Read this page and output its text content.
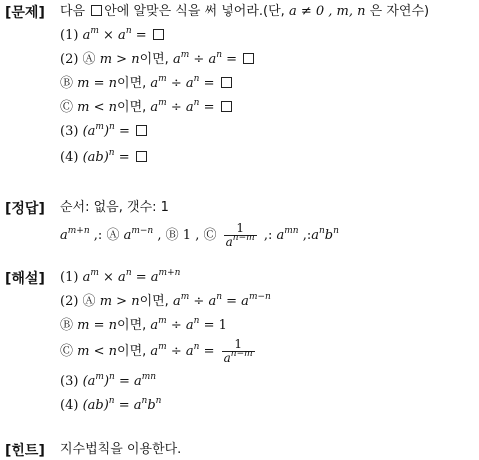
[문제] 다음 안에 알맞은 식을 써 넣어라.(단, a ≠ 0 , m, n 은 자연수)
(1) $a^m \times a^n$ =
(2) Ⓐ m > n이면, $a^m \div a^n$ =
Ⓑ m = n이면, $a^m \div a^n$ =
Ⓒ m < n이면, $a^m \div a^n$ =
(3) $(a^m)^n$ =
(4) (ab)$^n$ =
[정답] 순서: 없음, 갯수: 1
$a^{m+n}$ ,: Ⓐ $a^{m-n}$ , Ⓑ 1 , Ⓒ $\frac{1}{a^{n-m}}$ ,: $a^{mn}$ $,:a^nb^n$
[해설] (1) $a^m \times a^n = a^{m+n}$
(2) Ⓐ m > n이면, $a^m \div a^n = a^{m-n}$
Ⓑ m = n이면, $a^m \div a^n = 1$
Ⓒ m < n이면, $a^m \div a^n = \frac{1}{a^{n-m}}$
(3) $(a^m)^n = a^{mn}$
(4) $(ab)^n = a^nb^n$
[힌트] 지수법칙을 이용한다.
